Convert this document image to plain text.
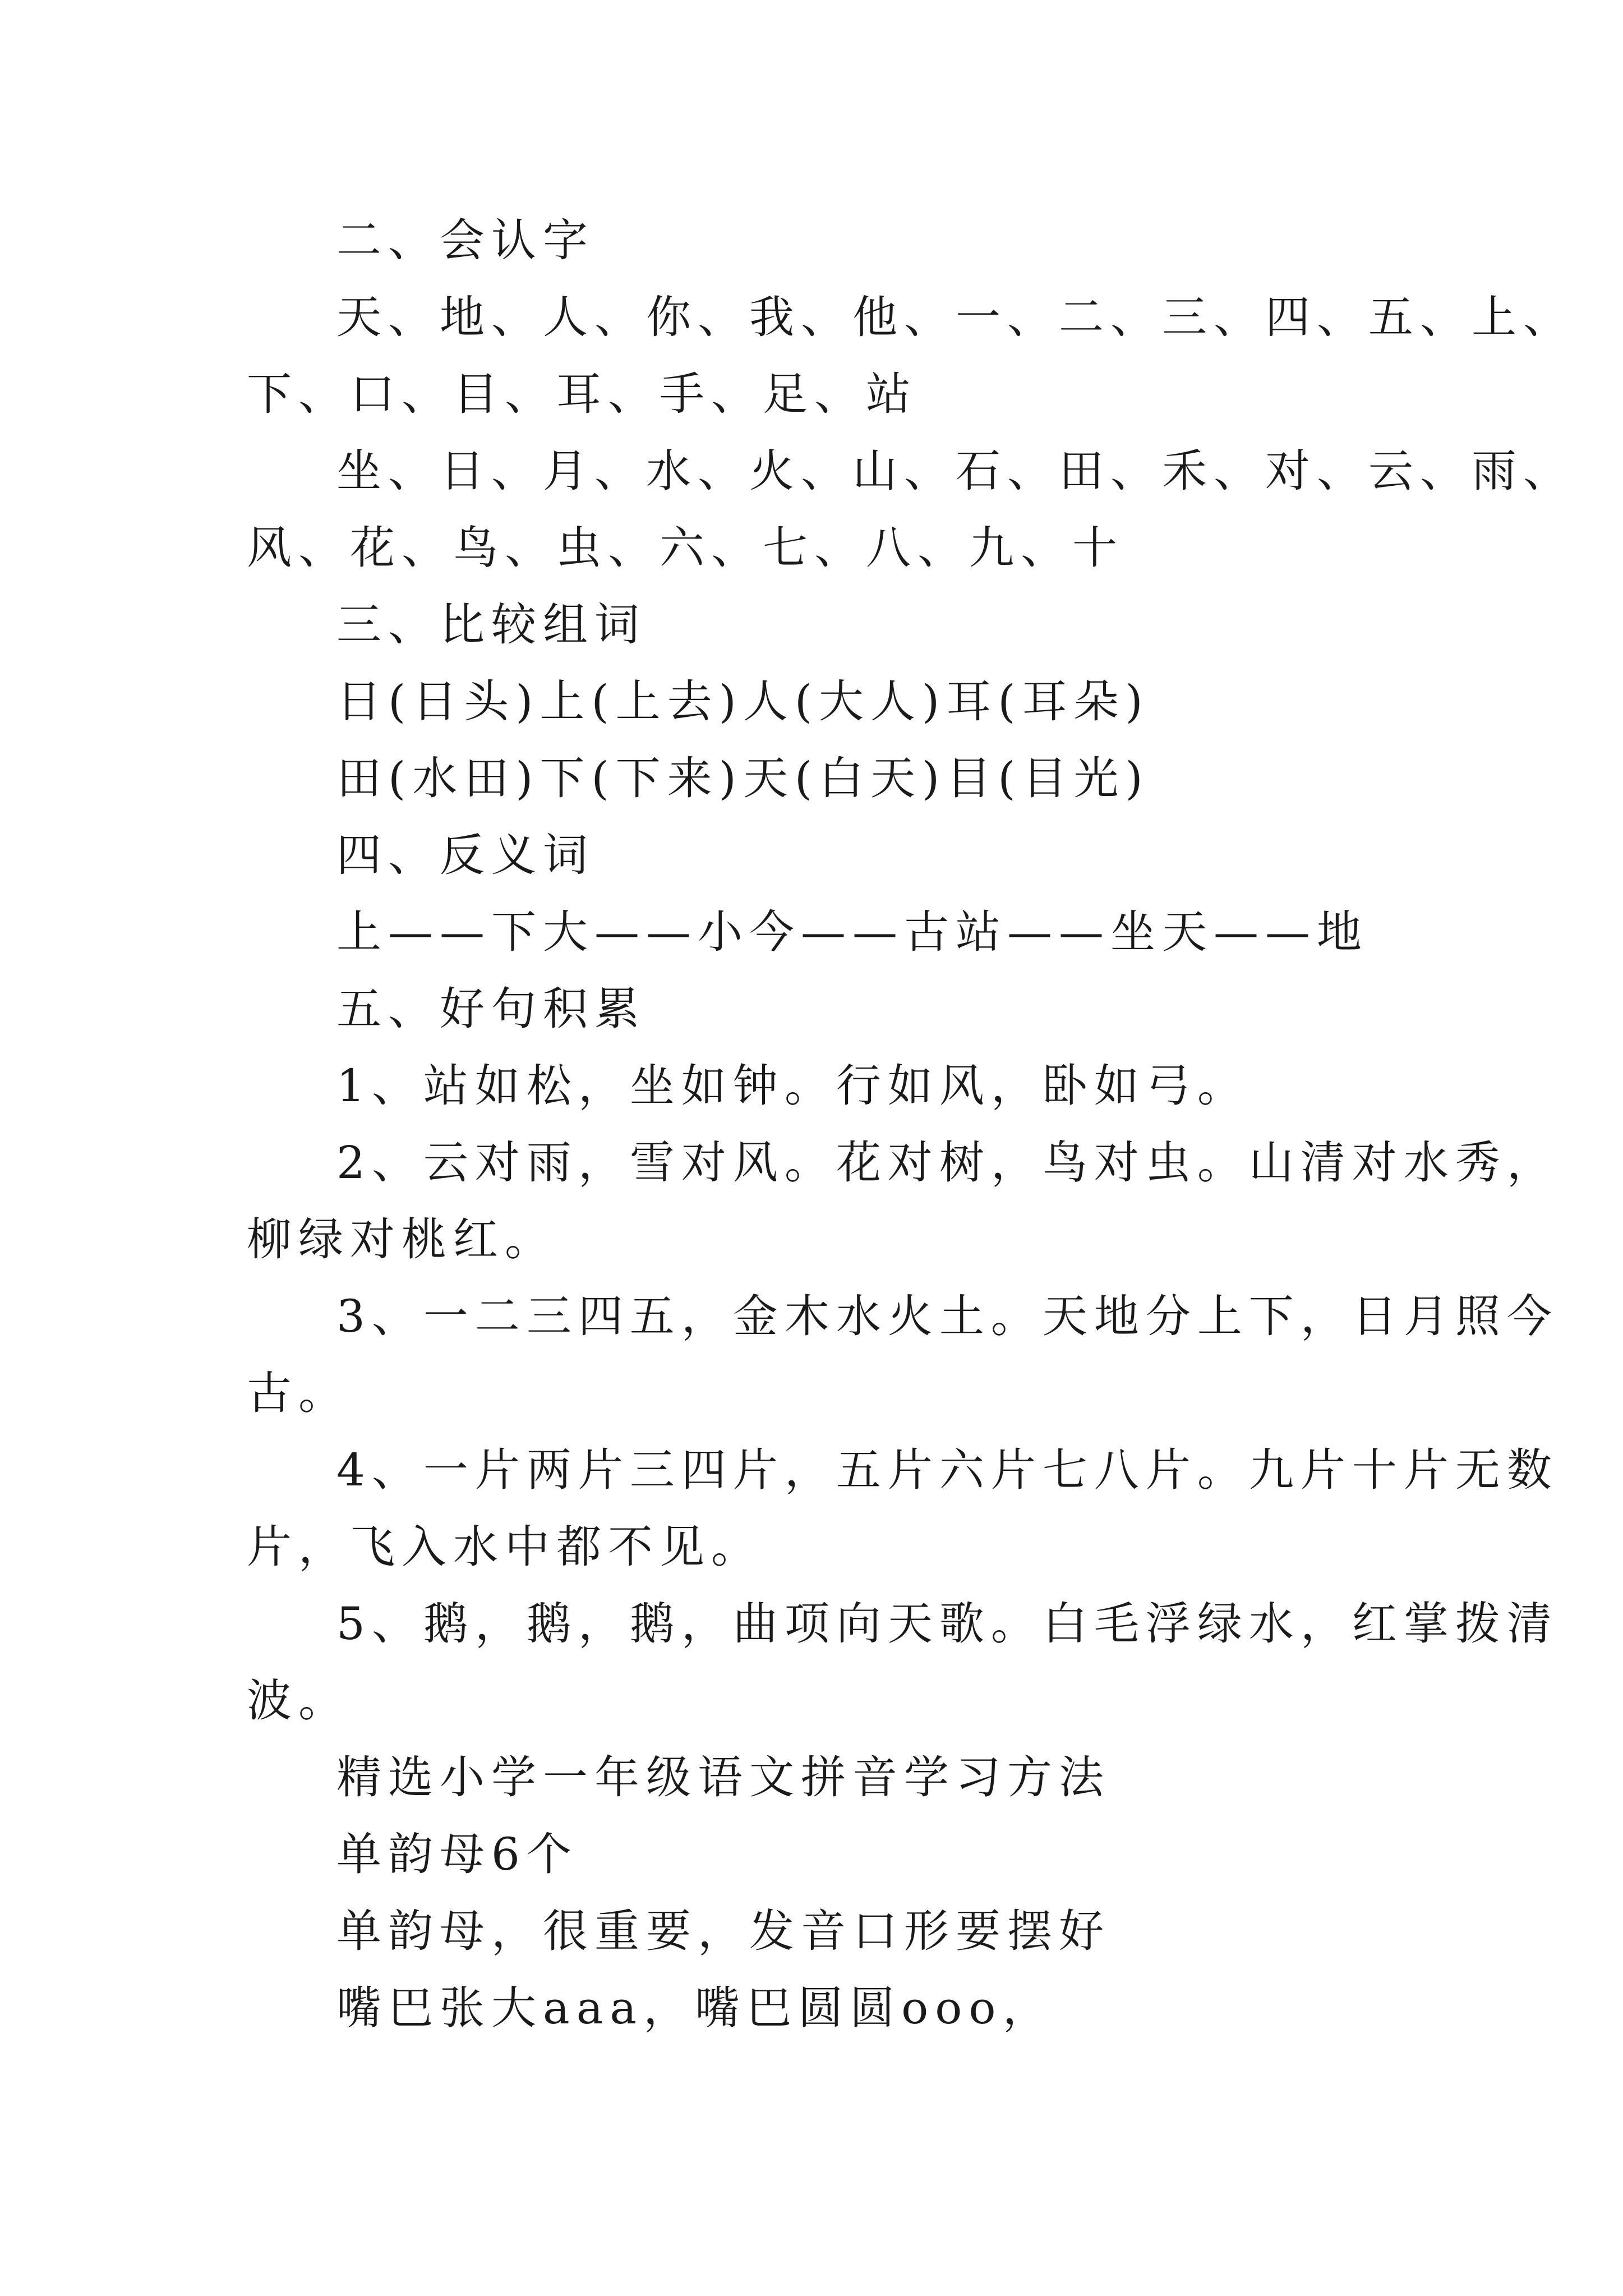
二、会认字

天、地、人、你、我、他、一、二、三、四、五、上、

下、口、目、耳、手、足、站

坐、日、月、水、火、山、石、田、禾、对、云、雨、

风、花、鸟、虫、六、七、八、九、十

三、比较组词

日(日头)上(上去)人(大人)耳(耳朵)

田(水田)下(下来)天(白天)目(目光)

四、反义词

上——下大——小今——古站——坐天——地

五、好句积累

1、站如松，坐如钟。行如风，卧如弓。

2、云对雨，雪对风。花对树，鸟对虫。山清对水秀，

柳绿对桃红。

3、一二三四五，金木水火土。天地分上下，日月照今

古。

4、一片两片三四片，五片六片七八片。九片十片无数

片，飞入水中都不见。

5、鹅，鹅，鹅，曲项向天歌。白毛浮绿水，红掌拨清

波。

精选小学一年级语文拼音学习方法

单韵母6个

单韵母，很重要，发音口形要摆好

嘴巴张大aaa，嘴巴圆圆ooo，
